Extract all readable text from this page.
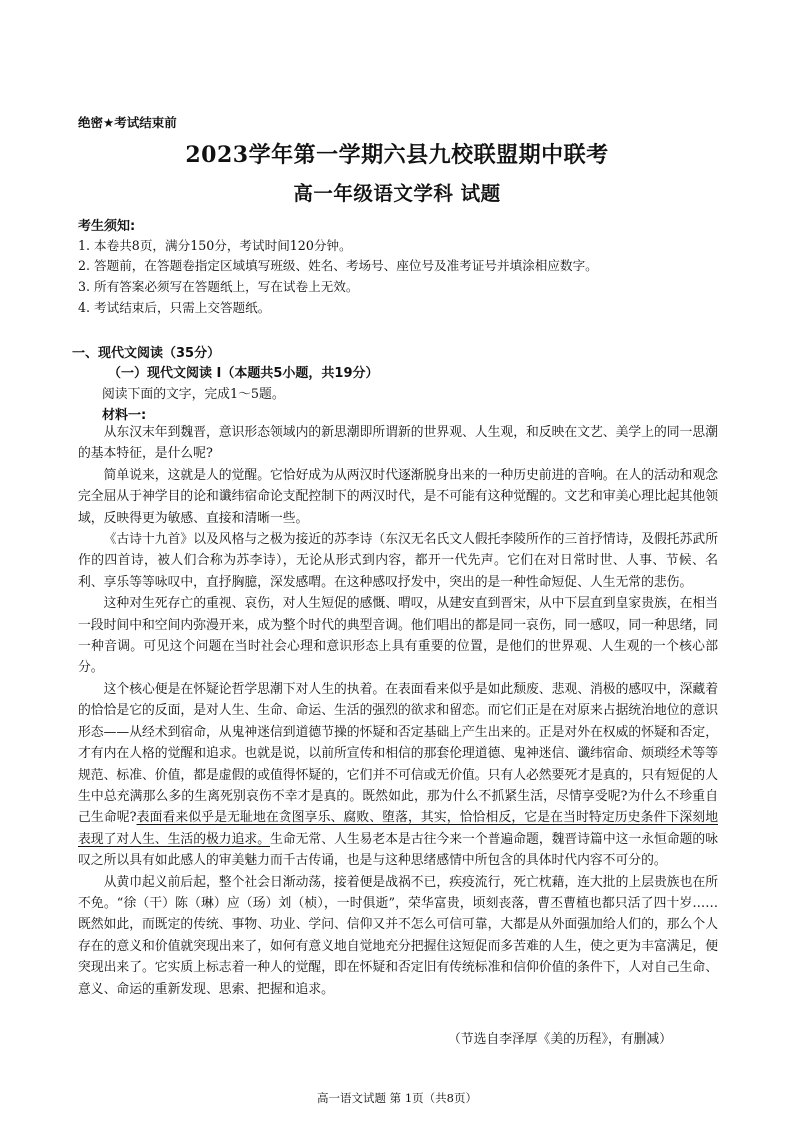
绝密★考试结束前
2023学年第一学期六县九校联盟期中联考
高一年级语文学科 试题
考生须知:
1. 本卷共8页，满分150分，考试时间120分钟。
2. 答题前，在答题卷指定区域填写班级、姓名、考场号、座位号及准考证号并填涂相应数字。
3. 所有答案必须写在答题纸上，写在试卷上无效。
4. 考试结束后，只需上交答题纸。
一、现代文阅读（35分）
（一）现代文阅读 I（本题共5小题，共19分）
阅读下面的文字，完成1～5题。
材料一:

从东汉末年到魏晋，意识形态领域内的新思潮即所谓新的世界观、人生观，和反映在文艺、美学上的同一思潮的基本特征，是什么呢?

简单说来，这就是人的觉醒。它恰好成为从两汉时代逐渐脱身出来的一种历史前进的音响。在人的活动和观念完全屈从于神学目的论和谶纬宿命论支配控制下的两汉时代，是不可能有这种觉醒的。文艺和审美心理比起其他领域，反映得更为敏感、直接和清晰一些。

《古诗十九首》以及风格与之极为接近的苏李诗（东汉无名氏文人假托李陵所作的三首抒情诗，及假托苏武所作的四首诗，被人们合称为苏李诗），无论从形式到内容，都开一代先声。它们在对日常时世、人事、节候、名利、享乐等等咏叹中，直抒胸臆，深发感喟。在这种感叹抒发中，突出的是一种性命短促、人生无常的悲伤。

这种对生死存亡的重视、哀伤，对人生短促的感慨、喟叹，从建安直到晋宋，从中下层直到皇家贵族，在相当一段时间中和空间内弥漫开来，成为整个时代的典型音调。他们唱出的都是同一哀伤，同一感叹，同一种思绪，同一种音调。可见这个问题在当时社会心理和意识形态上具有重要的位置，是他们的世界观、人生观的一个核心部分。

这个核心便是在怀疑论哲学思潮下对人生的执着。在表面看来似乎是如此颓废、悲观、消极的感叹中，深藏着的恰恰是它的反面，是对人生、生命、命运、生活的强烈的欲求和留恋。而它们正是在对原来占据统治地位的意识形态——从经术到宿命，从鬼神迷信到道德节操的怀疑和否定基础上产生出来的。正是对外在权威的怀疑和否定，才有内在人格的觉醒和追求。也就是说，以前所宣传和相信的那套伦理道德、鬼神迷信、谶纬宿命、烦琐经术等等规范、标准、价值，都是虚假的或值得怀疑的，它们并不可信或无价值。只有人必然要死才是真的，只有短促的人生中总充满那么多的生离死别哀伤不幸才是真的。既然如此，那为什么不抓紧生活，尽情享受呢?为什么不珍重自己生命呢?表面看来似乎是无耻地在贪图享乐、腐败、堕落，其实，恰恰相反，它是在当时特定历史条件下深刻地表现了对人生、生活的极力追求。生命无常、人生易老本是古往今来一个普遍命题，魏晋诗篇中这一永恒命题的咏叹之所以具有如此感人的审美魅力而千古传诵，也是与这种思绪感情中所包含的具体时代内容不可分的。

从黄巾起义前后起，整个社会日渐动荡，接着便是战祸不已，疾疫流行，死亡枕藉，连大批的上层贵族也在所不免。“徐（干）陈（琳）应（玚）刘（桢），一时俱逝”，荣华富贵，顷刻丧落，曹丕曹植也都只活了四十岁……既然如此，而既定的传统、事物、功业、学问、信仰又并不怎么可信可靠，大都是从外面强加给人们的，那么个人存在的意义和价值就突现出来了，如何有意义地自觉地充分把握住这短促而多苦难的人生，使之更为丰富满足，便突现出来了。它实质上标志着一种人的觉醒，即在怀疑和否定旧有传统标准和信仰价值的条件下，人对自己生命、意义、命运的重新发现、思索、把握和追求。

（节选自李泽厚《美的历程》，有删减）
高一语文试题 第 1页（共8页）
